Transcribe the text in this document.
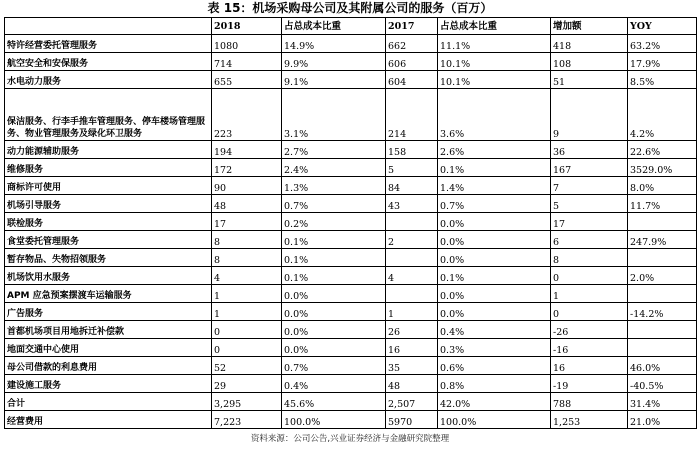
表 15：机场采购母公司及其附属公司的服务（百万）
	2018	占总成本比重	2017	占总成本比重	增加额	YOY
特许经营委托管理服务	1080	14.9%	662	11.1%	418	63.2%
航空安全和安保服务	714	9.9%	606	10.1%	108	17.9%
水电动力服务	655	9.1%	604	10.1%	51	8.5%
保洁服务、行李手推车管理服务、停车楼场管理服务、物业管理服务及绿化环卫服务	223	3.1%	214	3.6%	9	4.2%
动力能源辅助服务	194	2.7%	158	2.6%	36	22.6%
维修服务	172	2.4%	5	0.1%	167	3529.0%
商标许可使用	90	1.3%	84	1.4%	7	8.0%
机场引导服务	48	0.7%	43	0.7%	5	11.7%
联检服务	17	0.2%		0.0%	17	
食堂委托管理服务	8	0.1%	2	0.0%	6	247.9%
暂存物品、失物招领服务	8	0.1%		0.0%	8	
机场饮用水服务	4	0.1%	4	0.1%	0	2.0%
APM 应急预案摆渡车运输服务	1	0.0%		0.0%	1	
广告服务	1	0.0%	1	0.0%	0	-14.2%
首都机场项目用地拆迁补偿款	0	0.0%	26	0.4%	-26	
地面交通中心使用	0	0.0%	16	0.3%	-16	
母公司借款的利息费用	52	0.7%	35	0.6%	16	46.0%
建设施工服务	29	0.4%	48	0.8%	-19	-40.5%
合计	3,295	45.6%	2,507	42.0%	788	31.4%
经营费用	7,223	100.0%	5970	100.0%	1,253	21.0%
资料来源：公司公告,兴业证券经济与金融研究院整理
